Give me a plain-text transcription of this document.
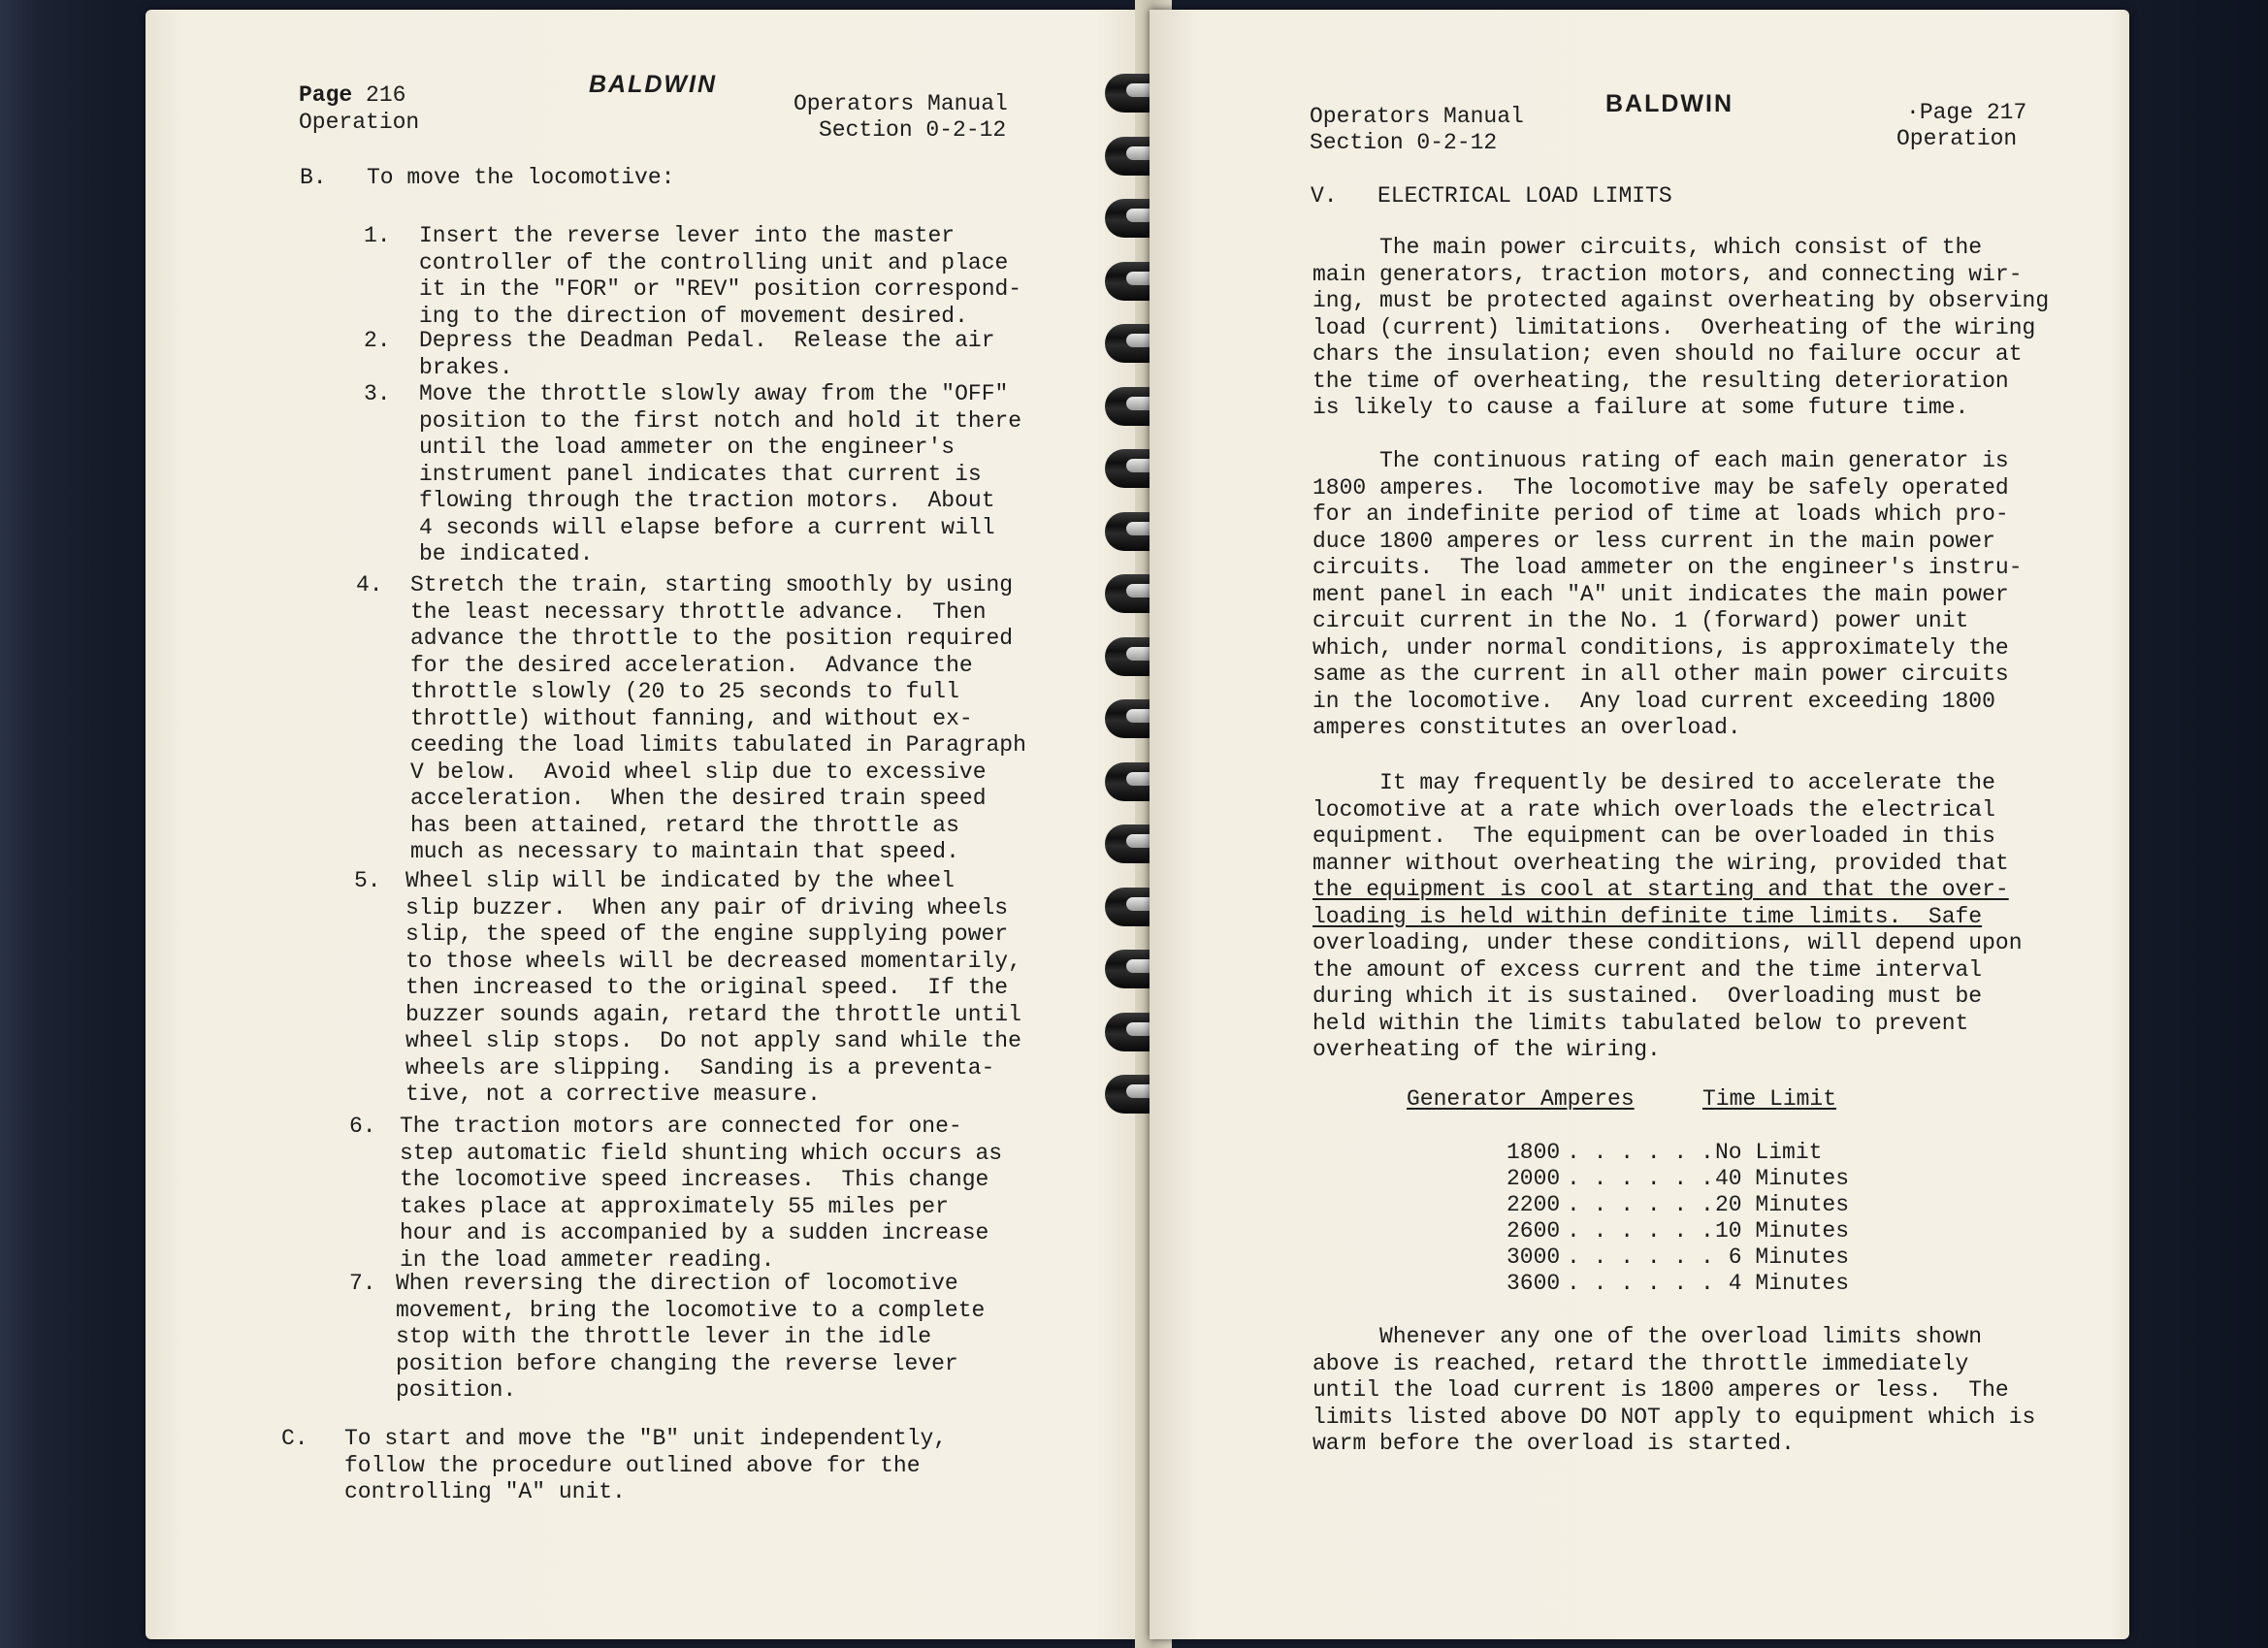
Page 216
Operation
BALDWIN
Operators Manual
Section 0-2-12
B. To move the locomotive:
1. Insert the reverse lever into the master
controller of the controlling unit and place
it in the "FOR" or "REV" position correspond-
ing to the direction of movement desired.
2. Depress the Deadman Pedal.  Release the air
brakes.
3. Move the throttle slowly away from the "OFF"
position to the first notch and hold it there
until the load ammeter on the engineer's
instrument panel indicates that current is
flowing through the traction motors.  About
4 seconds will elapse before a current will
be indicated.
4. Stretch the train, starting smoothly by using
the least necessary throttle advance.  Then
advance the throttle to the position required
for the desired acceleration.  Advance the
throttle slowly (20 to 25 seconds to full
throttle) without fanning, and without ex-
ceeding the load limits tabulated in Paragraph
V below.  Avoid wheel slip due to excessive
acceleration.  When the desired train speed
has been attained, retard the throttle as
much as necessary to maintain that speed.
5. Wheel slip will be indicated by the wheel
slip buzzer.  When any pair of driving wheels
slip, the speed of the engine supplying power
to those wheels will be decreased momentarily,
then increased to the original speed.  If the
buzzer sounds again, retard the throttle until
wheel slip stops.  Do not apply sand while the
wheels are slipping.  Sanding is a preventa-
tive, not a corrective measure.
6. The traction motors are connected for one-
step automatic field shunting which occurs as
the locomotive speed increases.  This change
takes place at approximately 55 miles per
hour and is accompanied by a sudden increase
in the load ammeter reading.
7. When reversing the direction of locomotive
movement, bring the locomotive to a complete
stop with the throttle lever in the idle
position before changing the reverse lever
position.
C. To start and move the "B" unit independently,
follow the procedure outlined above for the
controlling "A" unit.
Operators Manual
Section 0-2-12
BALDWIN	·Page 217
Operation
V. ELECTRICAL LOAD LIMITS
The main power circuits, which consist of the
main generators, traction motors, and connecting wir-
ing, must be protected against overheating by observing
load (current) limitations.  Overheating of the wiring
chars the insulation; even should no failure occur at
the time of overheating, the resulting deterioration
is likely to cause a failure at some future time.
The continuous rating of each main generator is
1800 amperes.  The locomotive may be safely operated
for an indefinite period of time at loads which pro-
duce 1800 amperes or less current in the main power
circuits.  The load ammeter on the engineer's instru-
ment panel in each "A" unit indicates the main power
circuit current in the No. 1 (forward) power unit
which, under normal conditions, is approximately the
same as the current in all other main power circuits
in the locomotive.  Any load current exceeding 1800
amperes constitutes an overload.
It may frequently be desired to accelerate the
locomotive at a rate which overloads the electrical
equipment.  The equipment can be overloaded in this
manner without overheating the wiring, provided that
the equipment is cool at starting and that the over-
loading is held within definite time limits.  Safe
overloading, under these conditions, will depend upon
the amount of excess current and the time interval
during which it is sustained.  Overloading must be
held within the limits tabulated below to prevent
overheating of the wiring.
Generator Amperes	Time Limit
1800 . . . . . . No Limit
2000 . . . . . . 40 Minutes
2200 . . . . . . 20 Minutes
2600 . . . . . . 10 Minutes
3000 . . . . . . 6 Minutes
3600 . . . . . . 4 Minutes
Whenever any one of the overload limits shown
above is reached, retard the throttle immediately
until the load current is 1800 amperes or less.  The
limits listed above DO NOT apply to equipment which is
warm before the overload is started.
